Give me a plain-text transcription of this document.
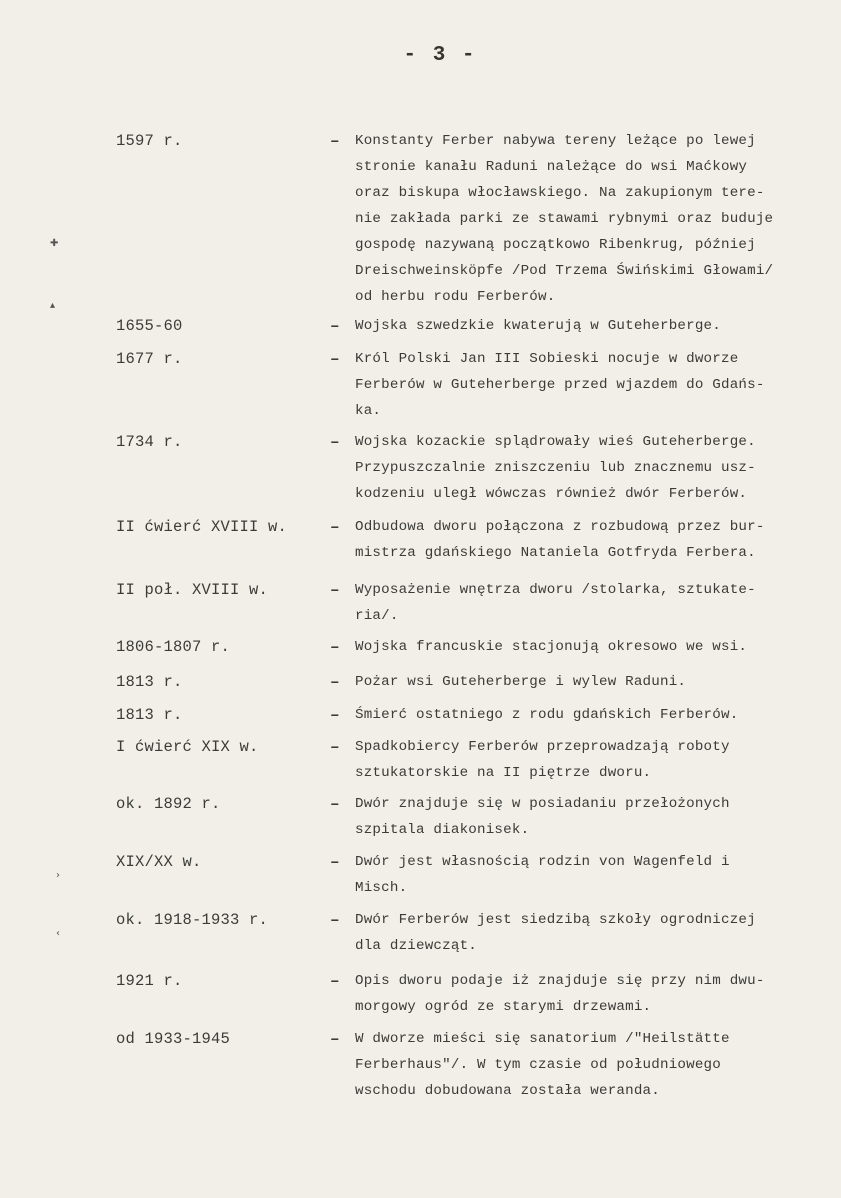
- 3 -
✚
▴
›
‹
1597 r.	– Konstanty Ferber nabywa tereny leżące po lewej
stronie kanału Raduni należące do wsi Maćkowy
oraz biskupa włocławskiego. Na zakupionym tere-
nie zakłada parki ze stawami rybnymi oraz buduje
gospodę nazywaną początkowo Ribenkrug, później
Dreischweinsköpfe /Pod Trzema Świńskimi Głowami/
od herbu rodu Ferberów.
1655-60	– Wojska szwedzkie kwaterują w Guteherberge.
1677 r.	– Król Polski Jan III Sobieski nocuje w dworze
Ferberów w Guteherberge przed wjazdem do Gdańs-
ka.
1734 r.	– Wojska kozackie splądrowały wieś Guteherberge.
Przypuszczalnie zniszczeniu lub znacznemu usz-
kodzeniu uległ wówczas również dwór Ferberów.
II ćwierć XVIII w.	– Odbudowa dworu połączona z rozbudową przez bur-
mistrza gdańskiego Nataniela Gotfryda Ferbera.
II poł. XVIII w.	– Wyposażenie wnętrza dworu /stolarka, sztukate-
ria/.
1806-1807 r.	– Wojska francuskie stacjonują okresowo we wsi.
1813 r.	– Pożar wsi Guteherberge i wylew Raduni.
1813 r.	– Śmierć ostatniego z rodu gdańskich Ferberów.
I ćwierć XIX w.	– Spadkobiercy Ferberów przeprowadzają roboty
sztukatorskie na II piętrze dworu.
ok. 1892 r.	– Dwór znajduje się w posiadaniu przełożonych
szpitala diakonisek.
XIX/XX w.	– Dwór jest własnością rodzin von Wagenfeld i
Misch.
ok. 1918-1933 r.	– Dwór Ferberów jest siedzibą szkoły ogrodniczej
dla dziewcząt.
1921 r.	– Opis dworu podaje iż znajduje się przy nim dwu-
morgowy ogród ze starymi drzewami.
od 1933-1945	– W dworze mieści się sanatorium /"Heilstätte
Ferberhaus"/. W tym czasie od południowego
wschodu dobudowana została weranda.
